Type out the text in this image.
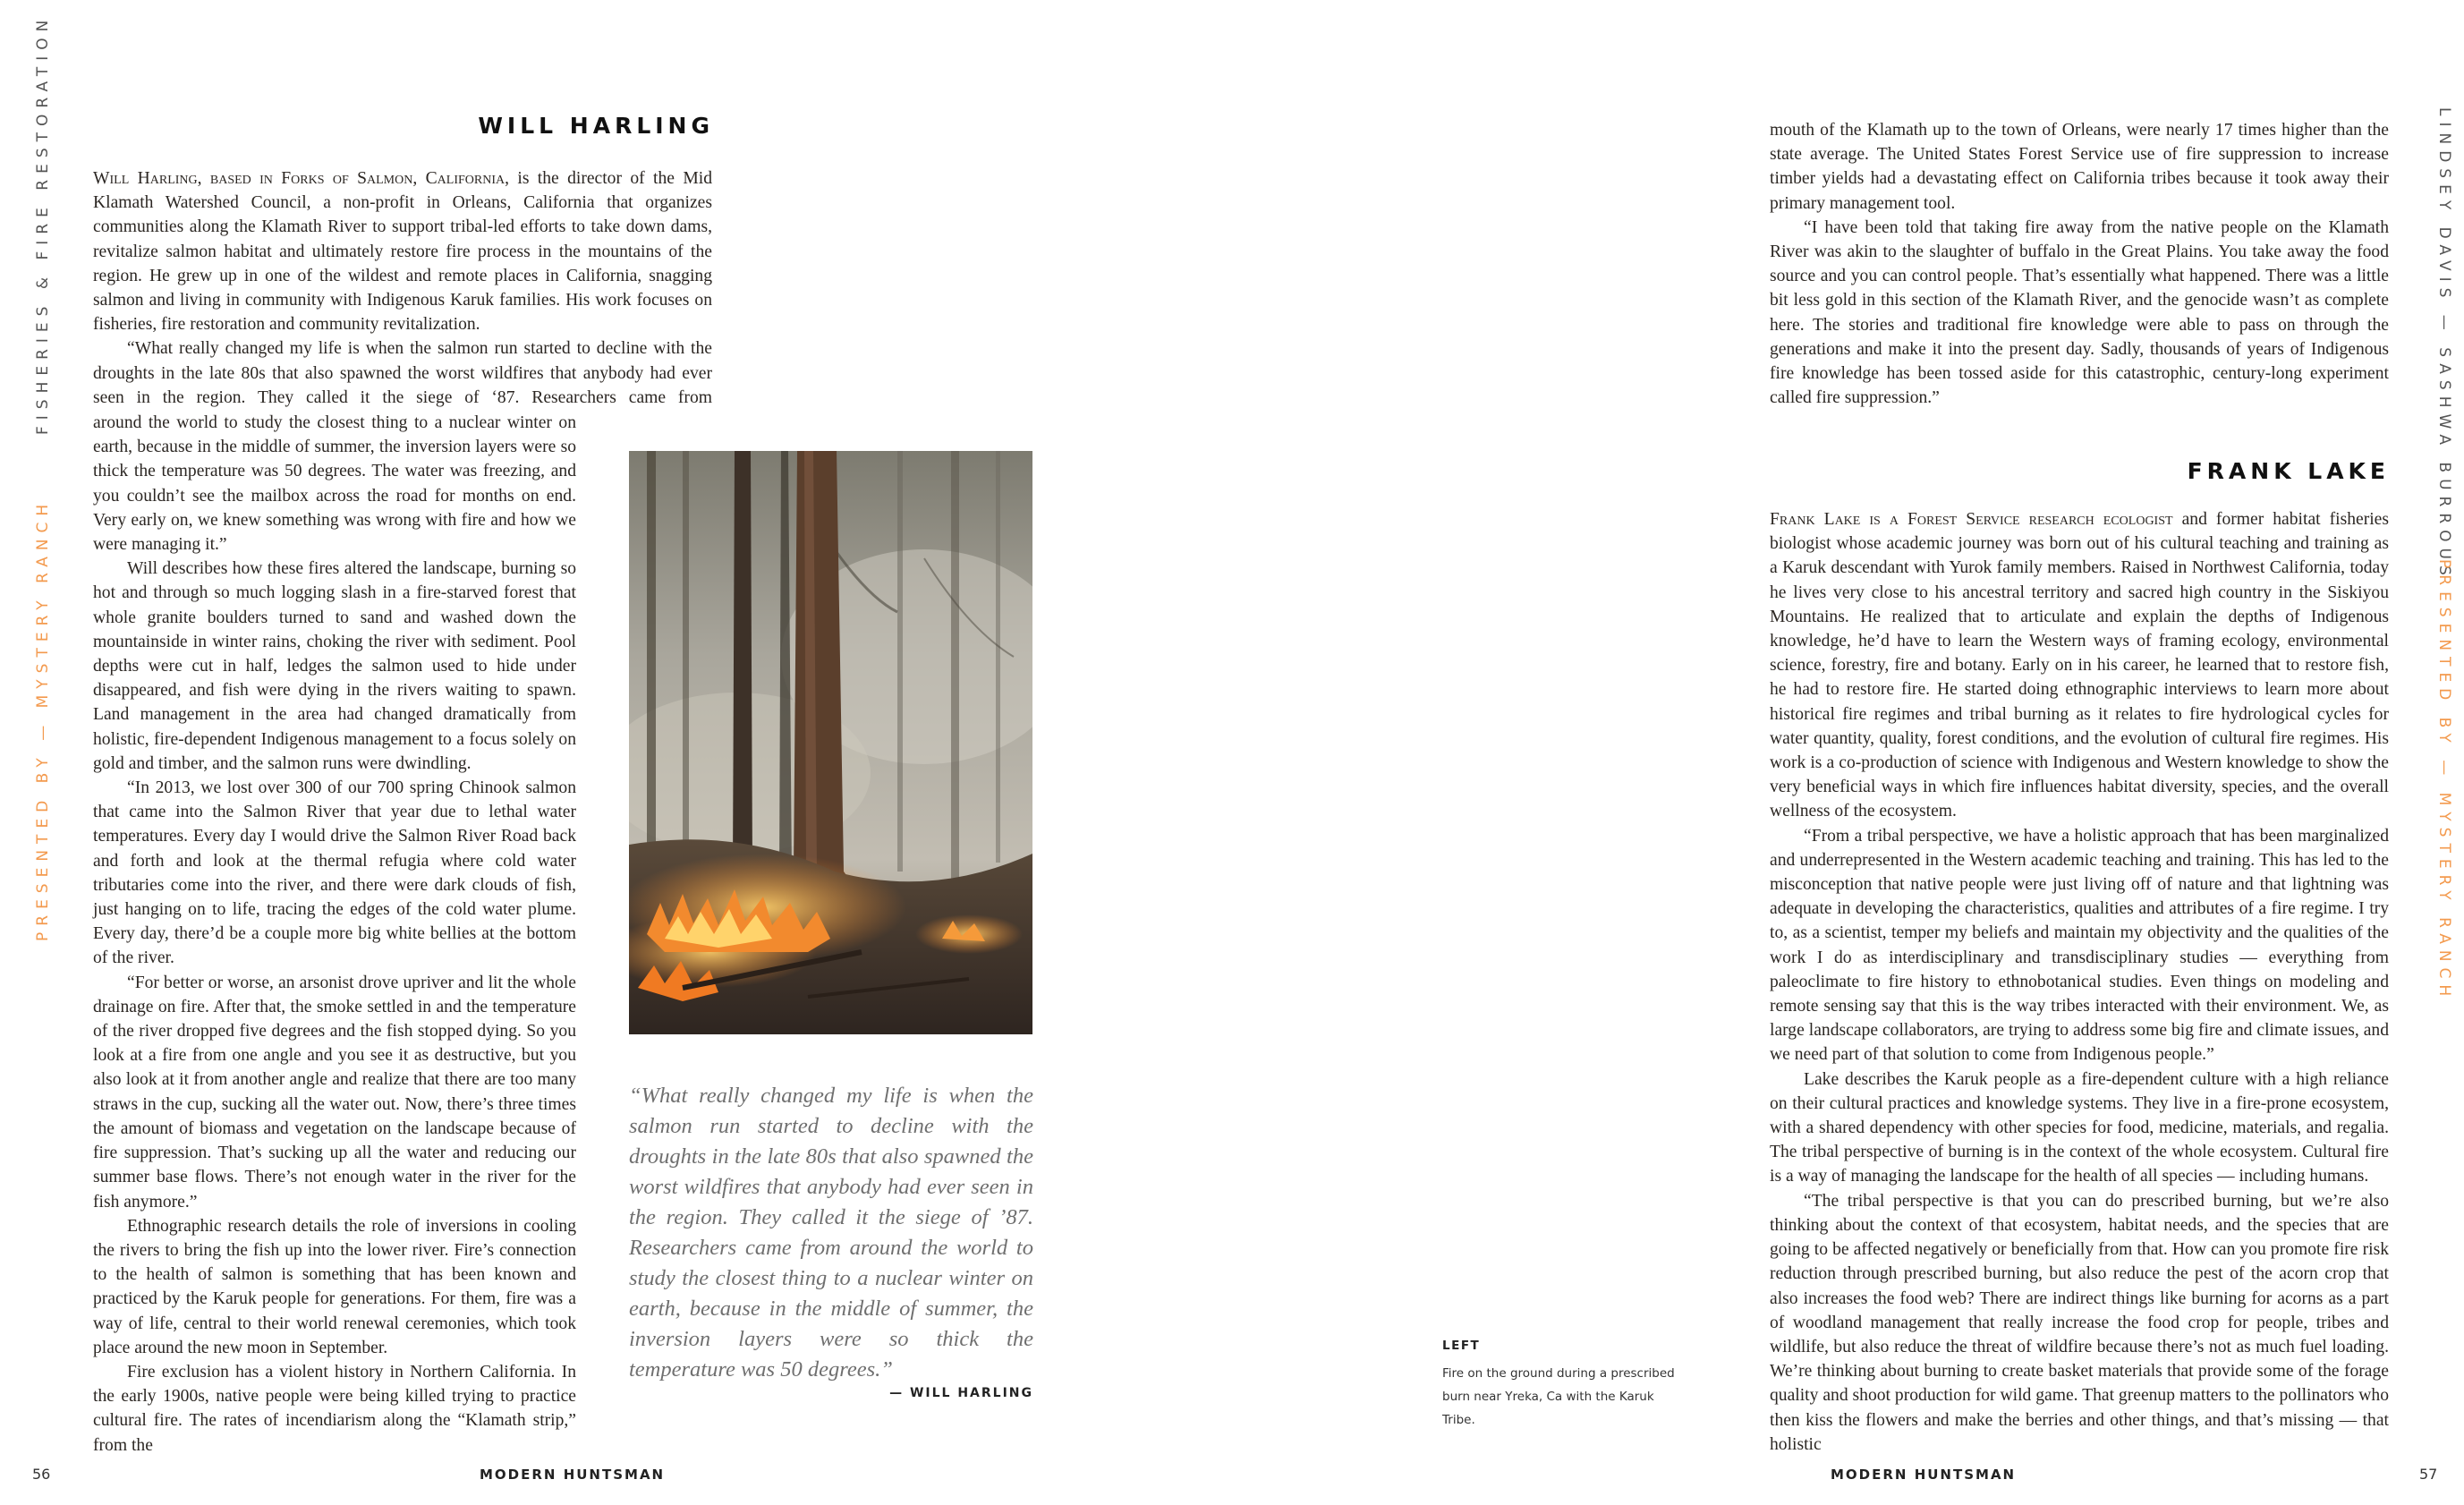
PRESENTED BY — MYSTERY RANCH
FISHERIES & FIRE RESTORATION	WILL HARLING

Will Harling, based in Forks of Salmon, California, is the director of the Mid Klamath Watershed Council, a non-profit in Orleans, California that organizes communities along the Klamath River to support tribal-led efforts to take down dams, revitalize salmon habitat and ultimately restore fire process in the mountains of the region. He grew up in one of the wildest and remote places in California, snagging salmon and living in community with Indigenous Karuk families. His work focuses on fisheries, fire restoration and community revitalization.

“What really changed my life is when the salmon run started to decline with the droughts in the late 80s that also spawned the worst wildfires that anybody had ever seen in the region. They called it the siege of ‘87. Researchers came from

around the world to study the closest thing to a nuclear winter on earth, because in the middle of summer, the inversion layers were so thick the temperature was 50 degrees. The water was freezing, and you couldn’t see the mailbox across the road for months on end. Very early on, we knew something was wrong with fire and how we were managing it.”

Will describes how these fires altered the landscape, burning so hot and through so much logging slash in a fire-starved forest that whole granite boulders turned to sand and washed down the mountainside in winter rains, choking the river with sediment. Pool depths were cut in half, ledges the salmon used to hide under disappeared, and fish were dying in the rivers waiting to spawn. Land management in the area had changed dramatically from holistic, fire-dependent Indigenous management to a focus solely on gold and timber, and the salmon runs were dwindling.

“In 2013, we lost over 300 of our 700 spring Chinook salmon that came into the Salmon River that year due to lethal water temperatures. Every day I would drive the Salmon River Road back and forth and look at the thermal refugia where cold water tributaries come into the river, and there were dark clouds of fish, just hanging on to life, tracing the edges of the cold water plume. Every day, there’d be a couple more big white bellies at the bottom of the river.

“For better or worse, an arsonist drove upriver and lit the whole drainage on fire. After that, the smoke settled in and the temperature of the river dropped five degrees and the fish stopped dying. So you look at a fire from one angle and you see it as destructive, but you also look at it from another angle and realize that there are too many straws in the cup, sucking all the water out. Now, there’s three times the amount of biomass and vegetation on the landscape because of fire suppression. That’s sucking up all the water and reducing our summer base flows. There’s not enough water in the river for the fish anymore.”

Ethnographic research details the role of inversions in cooling the rivers to bring the fish up into the lower river. Fire’s connection to the health of salmon is something that has been known and practiced by the Karuk people for generations. For them, fire was a way of life, central to their world renewal ceremonies, which took place around the new moon in September.

Fire exclusion has a violent history in Northern California. In the early 1900s, native people were being killed trying to practice cultural fire. The rates of incendiarism along the “Klamath strip,” from the

“What really changed my life is when the salmon run started to decline with the droughts in the late 80s that also spawned the worst wildfires that anybody had ever seen in the region. They called it the siege of ’87. Researchers came from around the world to study the closest thing to a nuclear winter on earth, because in the middle of summer, the inversion layers were so thick the temperature was 50 degrees.”
— WILL HARLING
56	MODERN HUNTSMAN

mouth of the Klamath up to the town of Orleans, were nearly 17 times higher than the state average. The United States Forest Service use of fire suppression to increase timber yields had a devastating effect on California tribes because it took away their primary management tool.

“I have been told that taking fire away from the native people on the Klamath River was akin to the slaughter of buffalo in the Great Plains. You take away the food source and you can control people. That’s essentially what happened. There was a little bit less gold in this section of the Klamath River, and the genocide wasn’t as complete here. The stories and traditional fire knowledge were able to pass on through the generations and make it into the present day. Sadly, thousands of years of Indigenous fire knowledge has been tossed aside for this catastrophic, century-long experiment called fire suppression.”

FRANK LAKE

Frank Lake is a Forest Service research ecologist and former habitat fisheries biologist whose academic journey was born out of his cultural teaching and training as a Karuk descendant with Yurok family members. Raised in Northwest California, today he lives very close to his ancestral territory and sacred high country in the Siskiyou Mountains. He realized that to articulate and explain the depths of Indigenous knowledge, he’d have to learn the Western ways of framing ecology, environmental science, forestry, fire and botany. Early on in his career, he learned that to restore fish, he had to restore fire. He started doing ethnographic interviews to learn more about historical fire regimes and tribal burning as it relates to fire hydrological cycles for water quantity, quality, forest conditions, and the evolution of cultural fire regimes. His work is a co-production of science with Indigenous and Western knowledge to show the very beneficial ways in which fire influences habitat diversity, species, and the overall wellness of the ecosystem.

“From a tribal perspective, we have a holistic approach that has been marginalized and underrepresented in the Western academic teaching and training. This has led to the misconception that native people were just living off of nature and that lightning was adequate in developing the characteristics, qualities and attributes of a fire regime. I try to, as a scientist, temper my beliefs and maintain my objectivity and the qualities of the work I do as interdisciplinary and transdisciplinary studies — everything from paleoclimate to fire history to ethnobotanical studies. Even things on modeling and remote sensing say that this is the way tribes interacted with their environment. We, as large landscape collaborators, are trying to address some big fire and climate issues, and we need part of that solution to come from Indigenous people.”

Lake describes the Karuk people as a fire-dependent culture with a high reliance on their cultural practices and knowledge systems. They live in a fire-prone ecosystem, with a shared dependency with other species for food, medicine, materials, and regalia. The tribal perspective of burning is in the context of the whole ecosystem. Cultural fire is a way of managing the landscape for the health of all species — including humans.

“The tribal perspective is that you can do prescribed burning, but we’re also thinking about the context of that ecosystem, habitat needs, and the species that are going to be affected negatively or beneficially from that. How can you promote fire risk reduction through prescribed burning, but also reduce the pest of the acorn crop that also increases the food web? There are indirect things like burning for acorns as a part of woodland management that really increase the food crop for people, tribes and wildlife, but also reduce the threat of wildfire because there’s not as much fuel loading. We’re thinking about burning to create basket materials that provide some of the forage quality and shoot production for wild game. That greenup matters to the pollinators who then kiss the flowers and make the berries and other things, and that’s missing — that holistic

LEFT
Fire on the ground during a prescribed burn near Yreka, Ca with the Karuk Tribe.
LINDSEY DAVIS — SASHWA BURROUS
PRESENTED BY — MYSTERY RANCH
MODERN HUNTSMAN	57
